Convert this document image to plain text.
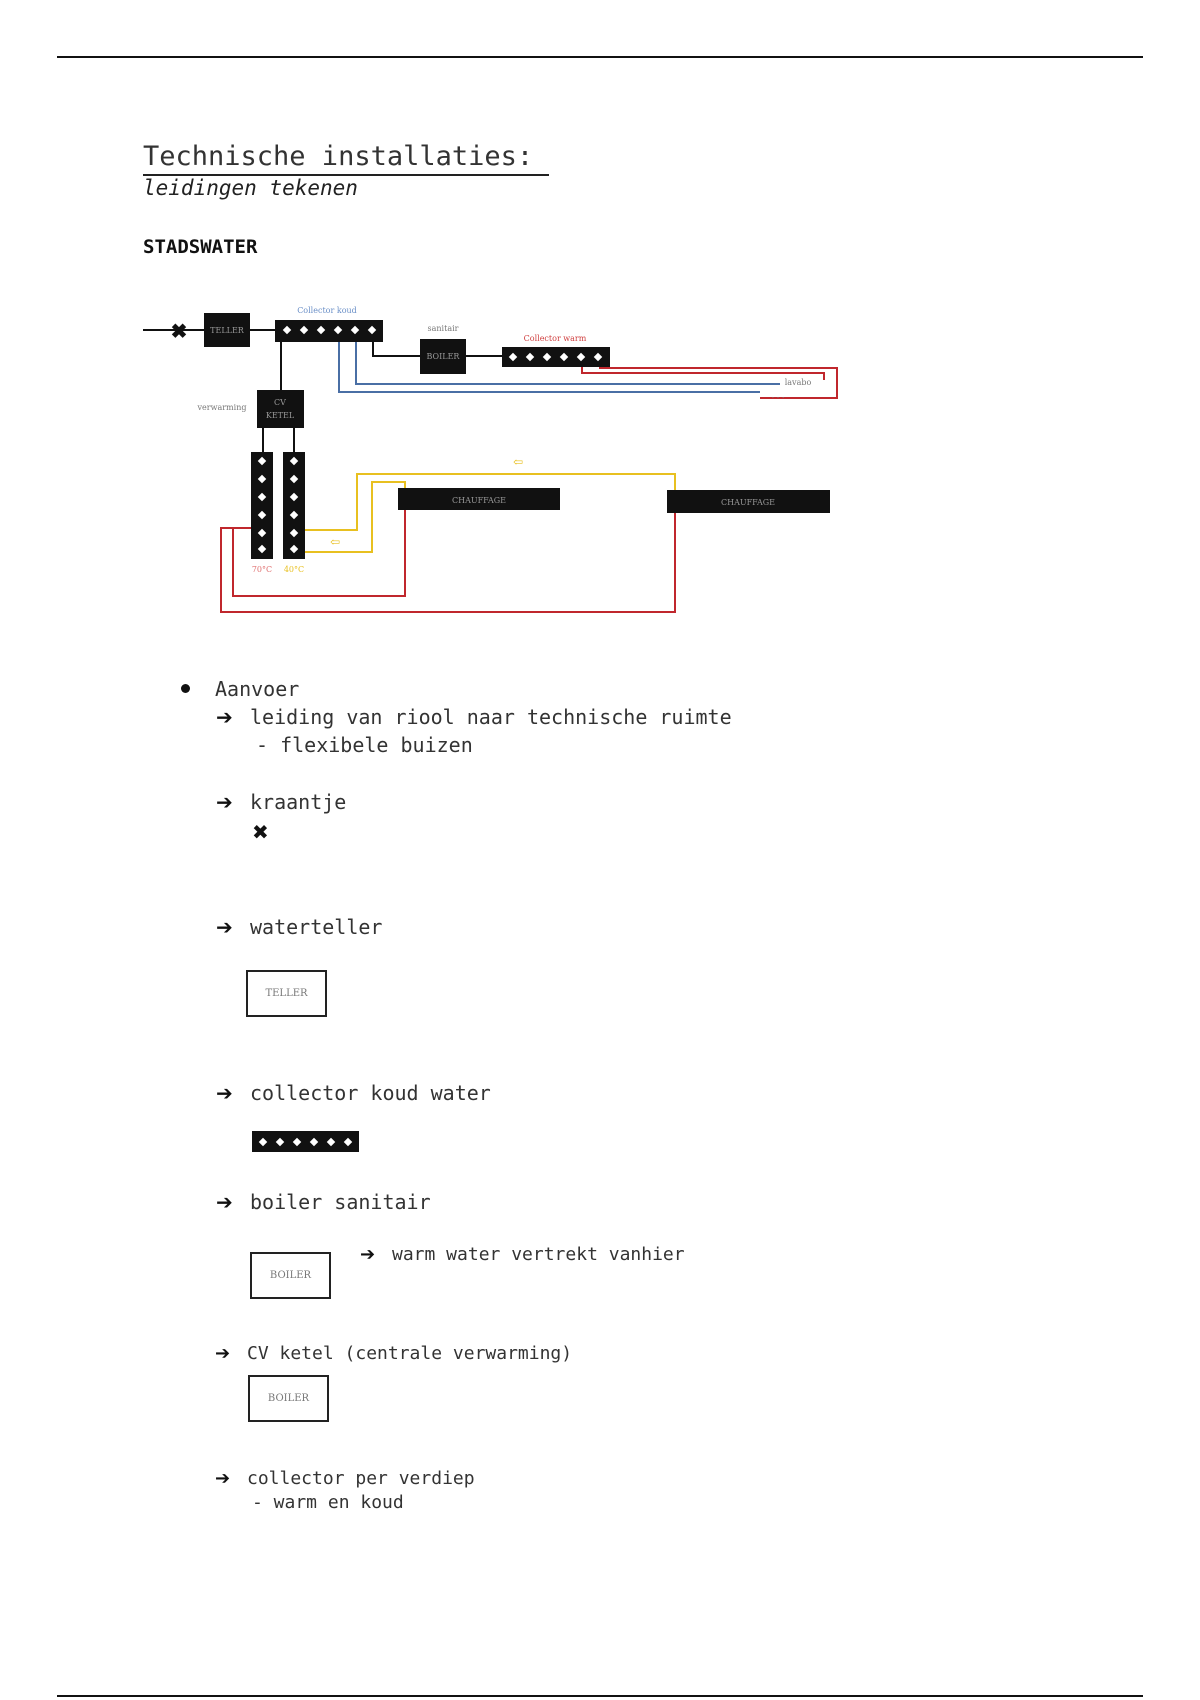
Technische installaties:
leidingen tekenen
STADSWATER
✖	TELLER
Collector koud
sanitair
BOILER
Collector warm
lavabo
. . .
verwarming
CV
KETEL
70°C 40°C
CHAUFFAGE	CHAUFFAGE
⇦
⇦
Aanvoer
➔ leiding van riool naar technische ruimte
- flexibele buizen
➔ kraantje
✖
➔ waterteller
TELLER
➔ collector koud water
➔ boiler sanitair
BOILER
➔ warm water vertrekt vanhier
➔ CV ketel (centrale verwarming)
BOILER
➔ collector per verdiep
- warm en koud
